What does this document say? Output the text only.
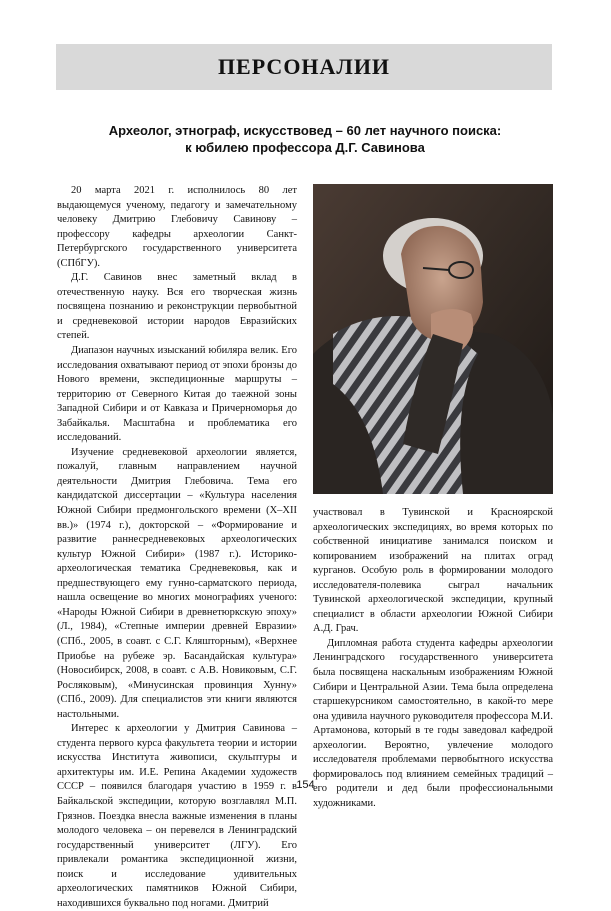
ПЕРСОНАЛИИ
Археолог, этнограф, искусствовед – 60 лет научного поиска:
к юбилею профессора Д.Г. Савинова

20 марта 2021 г. исполнилось 80 лет выдающемуся ученому, педагогу и замечательному человеку Дмитрию Глебовичу Савинову – профессору кафедры археологии Санкт-Петербургского государственного университета (СПбГУ).

Д.Г. Савинов внес заметный вклад в отечественную науку. Вся его творческая жизнь посвящена познанию и реконструкции первобытной и средневековой истории народов Евразийских степей.

Диапазон научных изысканий юбиляра велик. Его исследования охватывают период от эпохи бронзы до Нового времени, экспедиционные маршруты – территорию от Северного Китая до таежной зоны Западной Сибири и от Кавказа и Причерноморья до Забайкалья. Масштабна и проблематика его исследований.

Изучение средневековой археологии является, пожалуй, главным направлением научной деятельности Дмитрия Глебовича. Тема его кандидатской диссертации – «Культура населения Южной Сибири предмонгольского времени (X–XII вв.)» (1974 г.), докторской – «Формирование и развитие раннесредневековых археологических культур Южной Сибири» (1987 г.). Историко-археологическая тематика Средневековья, как и предшествующего ему гунно-сарматского периода, нашла освещение во многих монографиях ученого: «Народы Южной Сибири в древнетюркскую эпоху» (Л., 1984), «Степные империи древней Евразии» (СПб., 2005, в соавт. с С.Г. Кляшторным), «Верхнее Приобье на рубеже эр. Басандайская культура» (Новосибирск, 2008, в соавт. с А.В. Новиковым, С.Г. Росляковым), «Минусинская провинция Хунну» (СПб., 2009). Для специалистов эти книги являются настольными.

Интерес к археологии у Дмитрия Савинова – студента первого курса факультета теории и истории искусства Института живописи, скульптуры и архитектуры им. И.Е. Репина Академии художеств СССР – появился благодаря участию в 1959 г. в Байкальской экспедиции, которую возглавлял М.П. Грязнов. Поездка внесла важные изменения в планы молодого человека – он перевелся в Ленинградский государственный университет (ЛГУ). Его привлекали романтика экспедиционной жизни, поиск и исследование удивительных археологических памятников Южной Сибири, находившихся буквально под ногами. Дмитрий

участвовал в Тувинской и Красноярской археологических экспедициях, во время которых по собственной инициативе занимался поиском и копированием изображений на плитах оград курганов. Особую роль в формировании молодого исследователя-полевика сыграл начальник Тувинской археологической экспедиции, крупный специалист в области археологии Южной Сибири А.Д. Грач.

Дипломная работа студента кафедры археологии Ленинградского государственного университета была посвящена наскальным изображениям Южной Сибири и Центральной Азии. Тема была определена старшекурсником самостоятельно, в какой-то мере она удивила научного руководителя профессора М.И. Артамонова, который в те годы заведовал кафедрой археологии. Вероятно, увлечение молодого исследователя проблемами первобытного искусства формировалось под влиянием семейных традиций – его родители и дед были профессиональными художниками.

154
